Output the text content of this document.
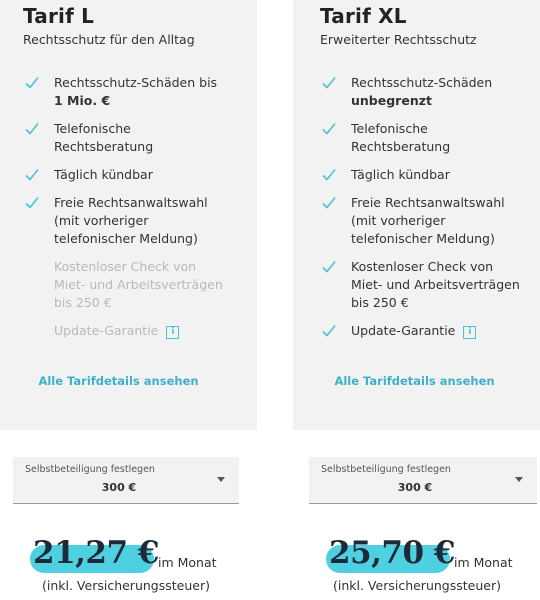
Tarif L
Rechtsschutz für den Alltag
Rechtsschutz-Schäden bis
1 Mio. €
Telefonische
Rechtsberatung
Täglich kündbar
Freie Rechtsanwaltswahl
(mit vorheriger
telefonischer Meldung)
Kostenloser Check von
Miet- und Arbeitsverträgen
bis 250 €
Update-Garantie i
Alle Tarifdetails ansehen
Selbstbeteiligung festlegen
300 €
21,27 € im Monat
(inkl. Versicherungssteuer)
Tarif XL
Erweiterter Rechtsschutz
Rechtsschutz-Schäden
unbegrenzt
Telefonische
Rechtsberatung
Täglich kündbar
Freie Rechtsanwaltswahl
(mit vorheriger
telefonischer Meldung)
Kostenloser Check von
Miet- und Arbeitsverträgen
bis 250 €
Update-Garantie i
Alle Tarifdetails ansehen
Selbstbeteiligung festlegen
300 €
25,70 € im Monat
(inkl. Versicherungssteuer)
